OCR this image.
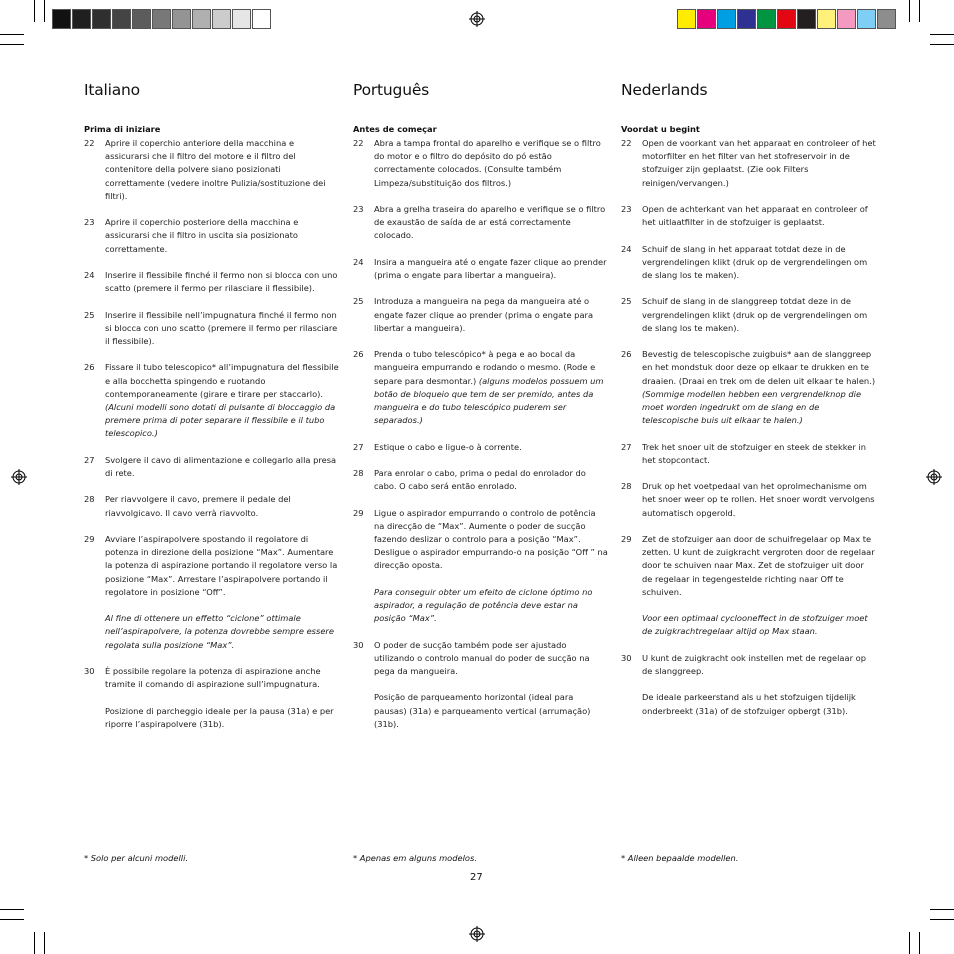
Italiano
Prima di iniziare
22	Aprire il coperchio anteriore della macchina e assicurarsi che il filtro del motore e il filtro del contenitore della polvere siano posizionati correttamente (vedere inoltre Pulizia/sostituzione dei filtri).
23	Aprire il coperchio posteriore della macchina e assicurarsi che il filtro in uscita sia posizionato correttamente.
24	Inserire il flessibile finché il fermo non si blocca con uno scatto (premere il fermo per rilasciare il flessibile).
25	Inserire il flessibile nell’impugnatura finché il fermo non si blocca con uno scatto (premere il fermo per rilasciare il flessibile).
26	Fissare il tubo telescopico* all’impugnatura del flessibile e alla bocchetta spingendo e ruotando contemporaneamente (girare e tirare per staccarlo). (Alcuni modelli sono dotati di pulsante di bloccaggio da premere prima di poter separare il flessibile e il tubo telescopico.)
27	Svolgere il cavo di alimentazione e collegarlo alla presa di rete.
28	Per riavvolgere il cavo, premere il pedale del riavvolgicavo. Il cavo verrà riavvolto.
29	Avviare l’aspirapolvere spostando il regolatore di potenza in direzione della posizione “Max”. Aumentare la potenza di aspirazione portando il regolatore verso la posizione “Max”. Arrestare l’aspirapolvere portando il regolatore in posizione “Off”.
Al fine di ottenere un effetto “ciclone” ottimale nell’aspirapolvere, la potenza dovrebbe sempre essere regolata sulla posizione “Max”.
30	È possibile regolare la potenza di aspirazione anche tramite il comando di aspirazione sull’impugnatura.
Posizione di parcheggio ideale per la pausa (31a) e per riporre l’aspirapolvere (31b).
* Solo per alcuni modelli.
Português
Antes de começar
22	Abra a tampa frontal do aparelho e verifique se o filtro do motor e o filtro do depósito do pó estão correctamente colocados. (Consulte também Limpeza/substituição dos filtros.)
23	Abra a grelha traseira do aparelho e verifique se o filtro de exaustão de saída de ar está correctamente colocado.
24	Insira a mangueira até o engate fazer clique ao prender (prima o engate para libertar a mangueira).
25	Introduza a mangueira na pega da mangueira até o engate fazer clique ao prender (prima o engate para libertar a mangueira).
26	Prenda o tubo telescópico* à pega e ao bocal da mangueira empurrando e rodando o mesmo. (Rode e separe para desmontar.) (alguns modelos possuem um botão de bloqueio que tem de ser premido, antes da mangueira e do tubo telescópico puderem ser separados.)
27	Estique o cabo e ligue-o à corrente.
28	Para enrolar o cabo, prima o pedal do enrolador do cabo. O cabo será então enrolado.
29	Ligue o aspirador empurrando o controlo de potência na direcção de “Max”. Aumente o poder de sucção fazendo deslizar o controlo para a posição “Max”. Desligue o aspirador empurrando-o na posição “Off ” na direcção oposta.
Para conseguir obter um efeito de ciclone óptimo no aspirador, a regulação de potência deve estar na posição “Max”.
30	O poder de sucção também pode ser ajustado utilizando o controlo manual do poder de sucção na pega da mangueira.
Posição de parqueamento horizontal (ideal para pausas) (31a) e parqueamento vertical (arrumação) (31b).
* Apenas em alguns modelos.
Nederlands
Voordat u begint
22	Open de voorkant van het apparaat en controleer of het motorfilter en het filter van het stofreservoir in de stofzuiger zijn geplaatst. (Zie ook Filters reinigen/vervangen.)
23	Open de achterkant van het apparaat en controleer of het uitlaatfilter in de stofzuiger is geplaatst.
24	Schuif de slang in het apparaat totdat deze in de vergrendelingen klikt (druk op de vergrendelingen om de slang los te maken).
25	Schuif de slang in de slanggreep totdat deze in de vergrendelingen klikt (druk op de vergrendelingen om de slang los te maken).
26	Bevestig de telescopische zuigbuis* aan de slanggreep en het mondstuk door deze op elkaar te drukken en te draaien. (Draai en trek om de delen uit elkaar te halen.) (Sommige modellen hebben een vergrendelknop die moet worden ingedrukt om de slang en de telescopische buis uit elkaar te halen.)
27	Trek het snoer uit de stofzuiger en steek de stekker in het stopcontact.
28	Druk op het voetpedaal van het oprolmechanisme om het snoer weer op te rollen. Het snoer wordt vervolgens automatisch opgerold.
29	Zet de stofzuiger aan door de schuifregelaar op Max te zetten. U kunt de zuigkracht vergroten door de regelaar door te schuiven naar Max. Zet de stofzuiger uit door de regelaar in tegengestelde richting naar Off te schuiven.
Voor een optimaal cyclooneffect in de stofzuiger moet de zuigkrachtregelaar altijd op Max staan.
30	U kunt de zuigkracht ook instellen met de regelaar op de slanggreep.
De ideale parkeerstand als u het stofzuigen tijdelijk onderbreekt (31a) of de stofzuiger opbergt (31b).
* Alleen bepaalde modellen.
27
